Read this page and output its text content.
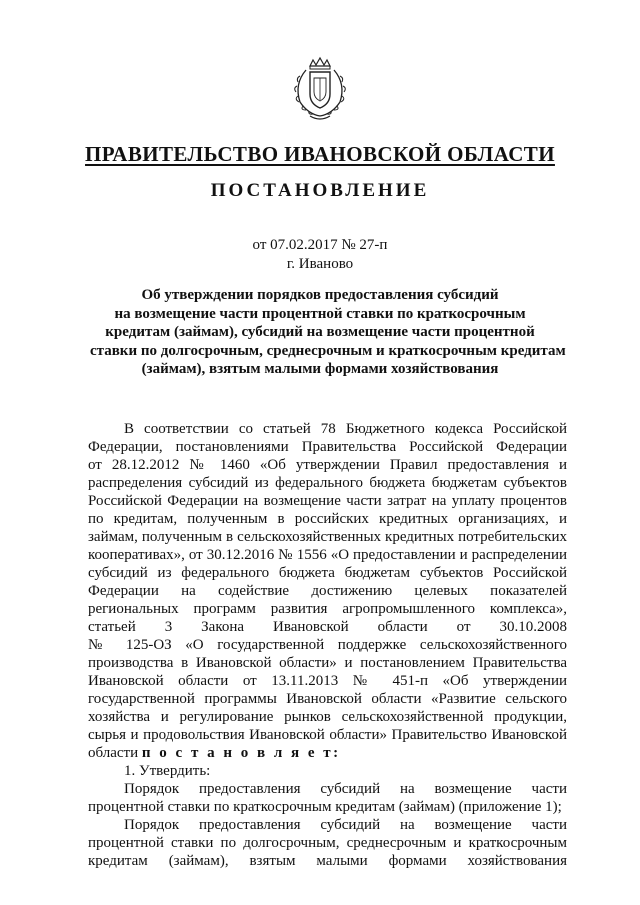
ПРАВИТЕЛЬСТВО ИВАНОВСКОЙ ОБЛАСТИ
ПОСТАНОВЛЕНИЕ
от 07.02.2017 № 27-п
г. Иваново
Об утверждении порядков предоставления субсидий
на возмещение части процентной ставки по краткосрочным
кредитам (займам), субсидий на возмещение части процентной
ставки по долгосрочным, среднесрочным и краткосрочным кредитам
(займам), взятым малыми формами хозяйствования
В соответствии со статьей 78 Бюджетного кодекса Российской
Федерации, постановлениями Правительства Российской Федерации
от 28.12.2012 № 1460 «Об утверждении Правил предоставления и
распределения субсидий из федерального бюджета бюджетам субъектов
Российской Федерации на возмещение части затрат на уплату процентов
по кредитам, полученным в российских кредитных организациях, и
займам, полученным в сельскохозяйственных кредитных потребительских
кооперативах», от 30.12.2016 № 1556 «О предоставлении и распределении
субсидий из федерального бюджета бюджетам субъектов Российской
Федерации на содействие достижению целевых показателей
региональных программ развития агропромышленного комплекса»,
статьей 3 Закона Ивановской области от 30.10.2008
№ 125-ОЗ «О государственной поддержке сельскохозяйственного
производства в Ивановской области» и постановлением Правительства
Ивановской области от 13.11.2013 № 451-п «Об утверждении
государственной программы Ивановской области «Развитие сельского
хозяйства и регулирование рынков сельскохозяйственной продукции,
сырья и продовольствия Ивановской области» Правительство Ивановской
области п о с т а н о в л я е т:
1. Утвердить:
Порядок предоставления субсидий на возмещение части
процентной ставки по краткосрочным кредитам (займам) (приложение 1);
Порядок предоставления субсидий на возмещение части
процентной ставки по долгосрочным, среднесрочным и краткосрочным
кредитам (займам), взятым малыми формами хозяйствования
